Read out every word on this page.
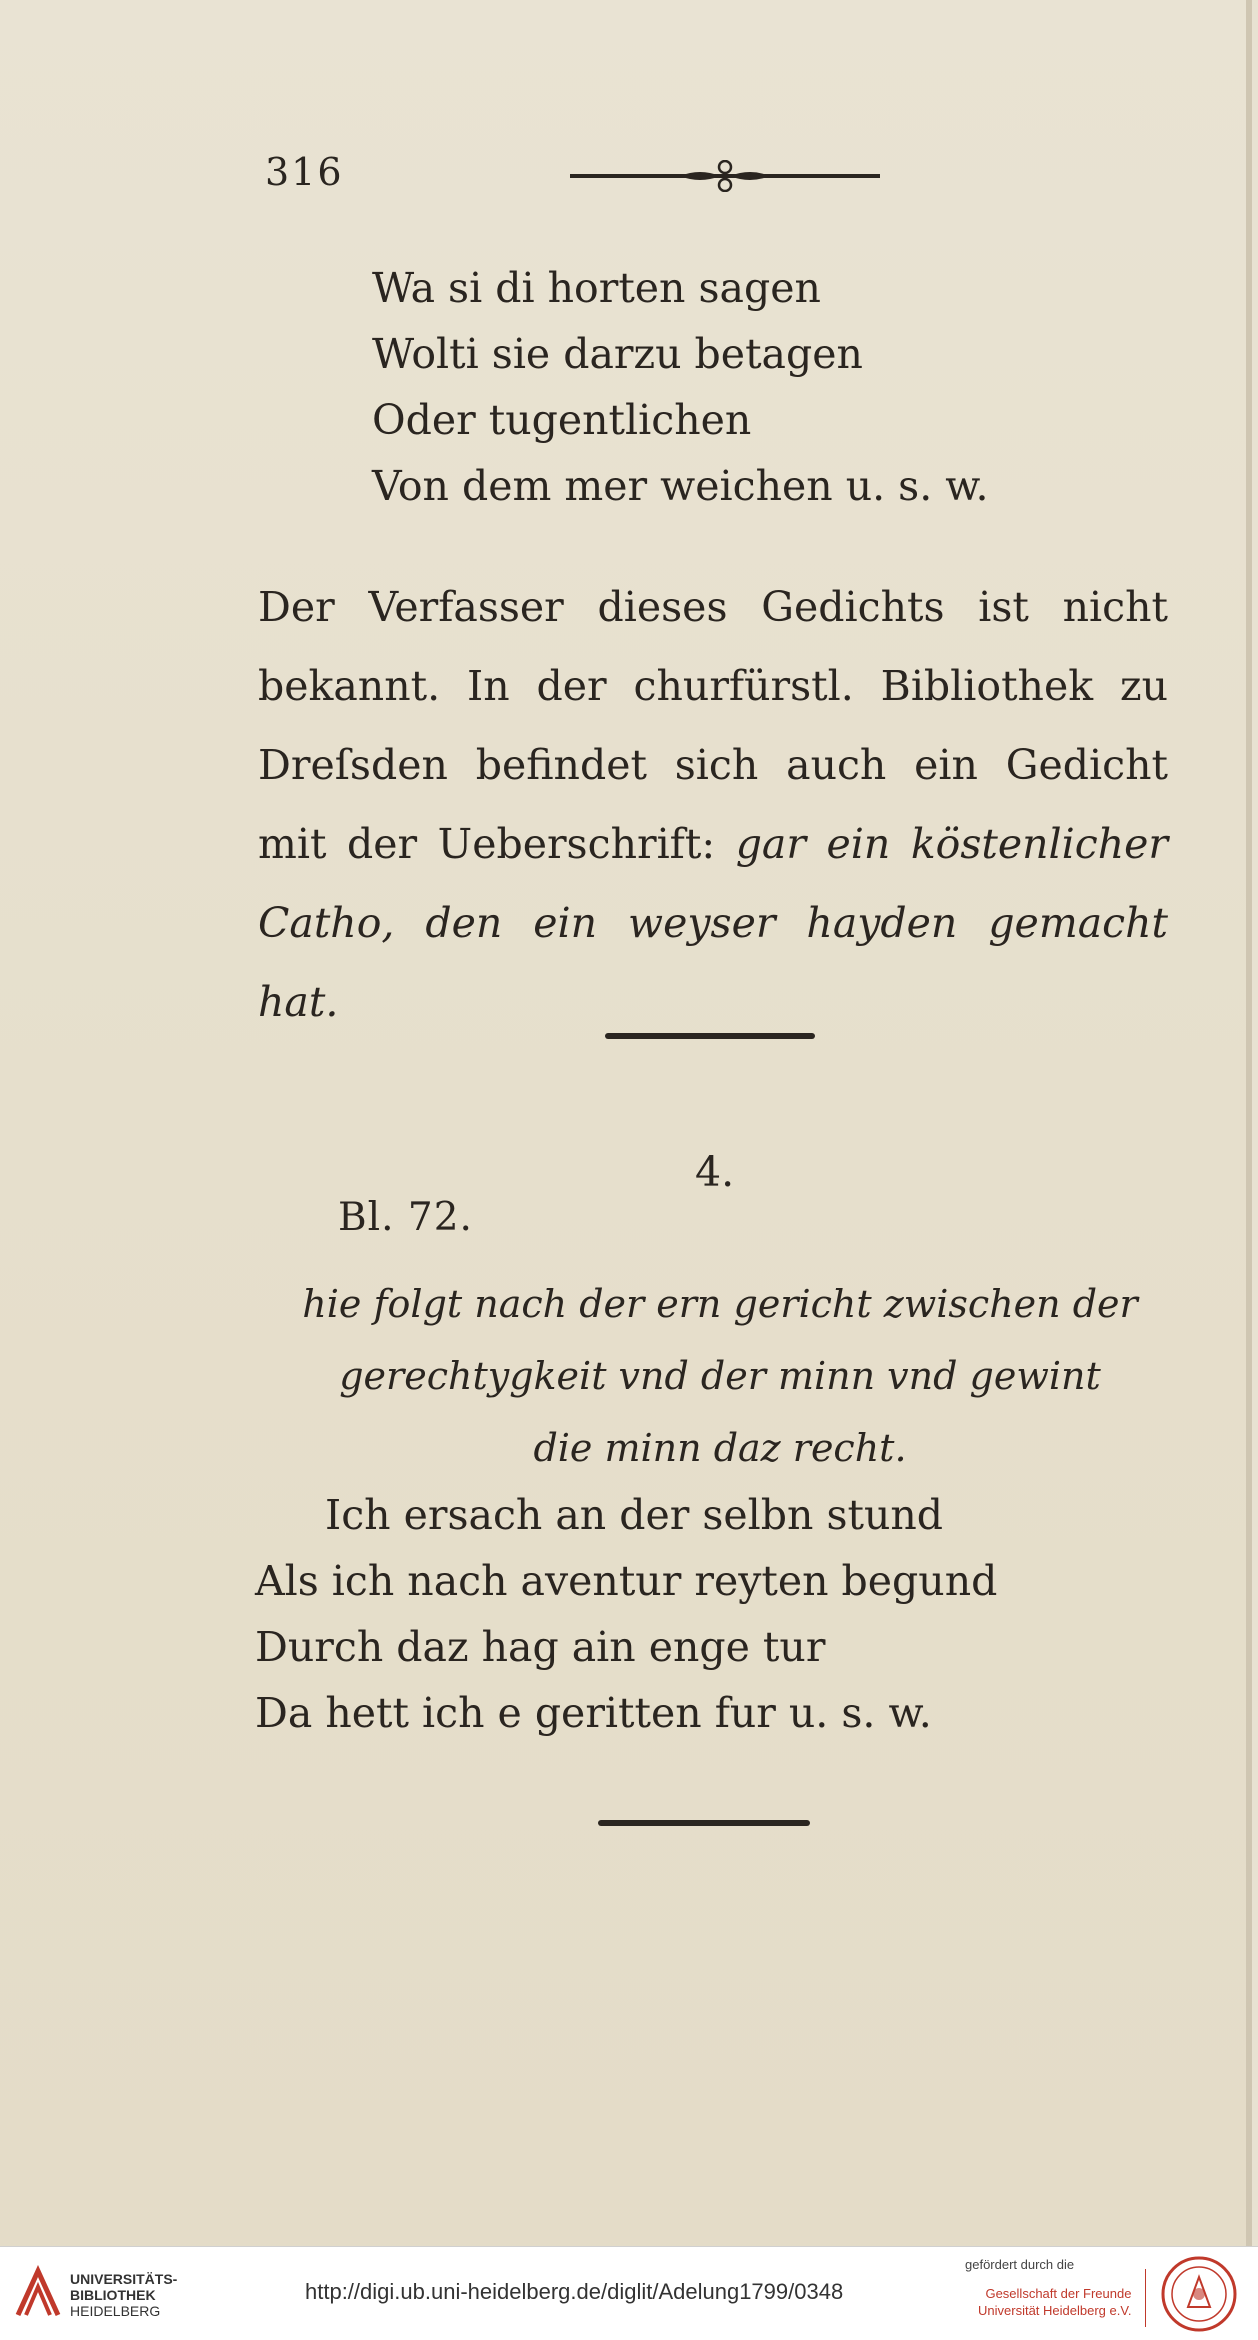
316
Wa si di horten sagen
Wolti sie darzu betagen
Oder tugentlichen
Von dem mer weichen u. s. w.
Der Verfasser dieses Gedichts ist nicht bekannt. In der churfürstl. Bibliothek zu Dreſsden befindet sich auch ein Gedicht mit der Ueberschrift: gar ein köstenlicher Catho, den ein weyser hayden gemacht hat.
4.
Bl. 72.
hie folgt nach der ern gericht zwischen der
gerechtygkeit vnd der minn vnd gewint
die minn daz recht.
Ich ersach an der selbn stund
Als ich nach aventur reyten begund
Durch daz hag ain enge tur
Da hett ich e geritten fur u. s. w.
UNIVERSITÄTS-
BIBLIOTHEK
HEIDELBERG
http://digi.ub.uni-heidelberg.de/diglit/Adelung1799/0348
gefördert durch die
Gesellschaft der Freunde
Universität Heidelberg e.V.
